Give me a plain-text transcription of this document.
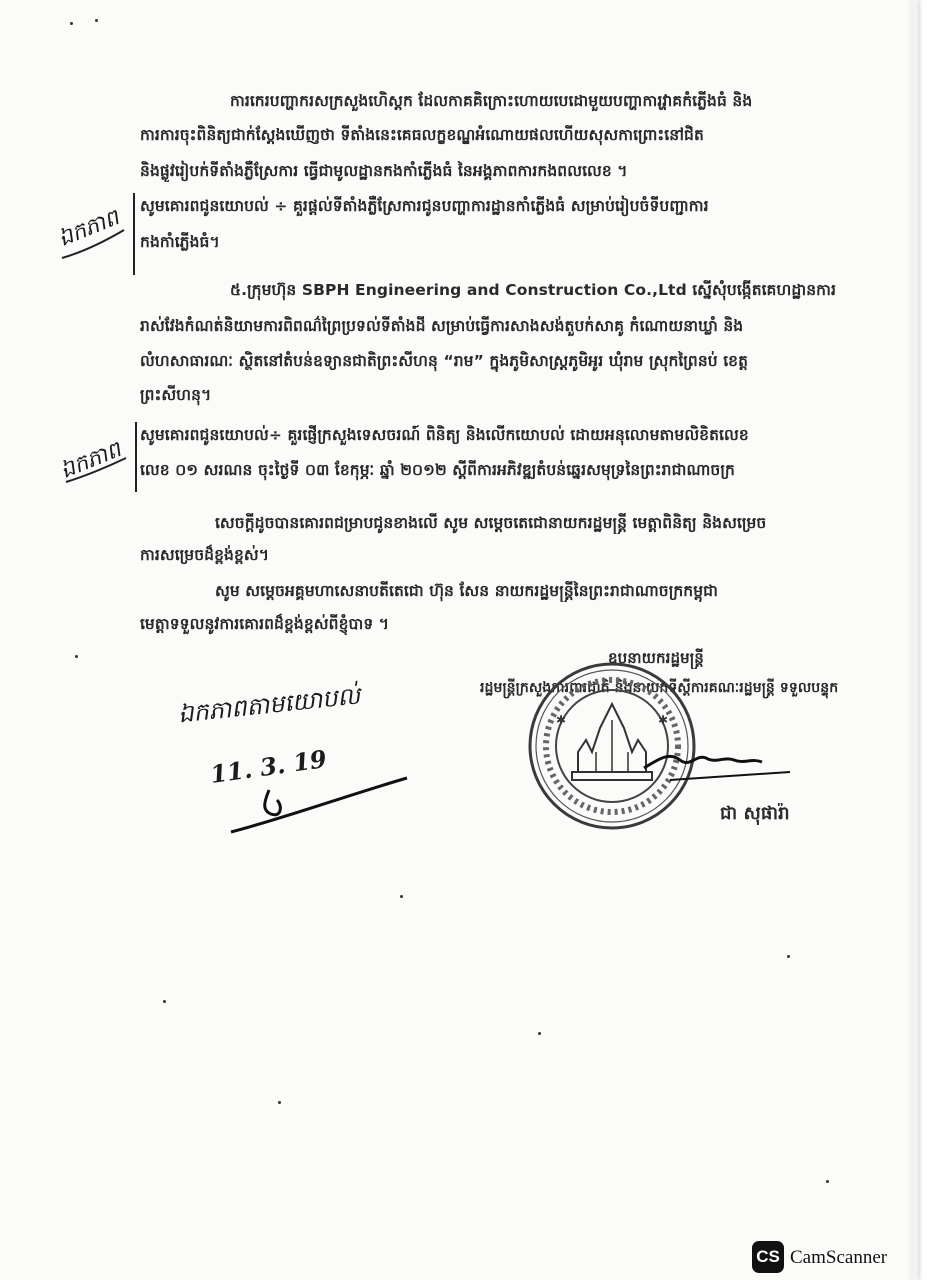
ការកេរបញ្ហាករសក្រសួងហេិស្តក ដែលកាគគិក្រោះហោយបេដោមួយបញ្ហាការវ្ហាគកំភ្លើងធំ និង
ការការចុះពិនិត្យជាក់ស្តែងឃើញថា ទីតាំងនេះគេធលក្ខខណ្ឌអំណោយផលហើយសុសកាព្រោះនៅជិត
និងផ្លូវរៀបក់ទីតាំងភ្លឺស្រែការ ធ្វើជាមូលដ្ឋានកងកាំភ្លើងធំ នៃអង្គភាពការកងពលលេខ ។
សូមគោរពជូនយោបល់ ÷ គួរផ្តល់ទីតាំងភ្លឺស្រែការជូនបញ្ហាការដ្ឋានកាំភ្លើងធំ សម្រាប់រៀបចំទីបញ្ជាការ
កងកាំភ្លើងធំ។
ឯកភាព
៥.ក្រុមហ៊ុន SBPH Engineering and Construction Co.,Ltd ស្នើសុំបង្កើតគេហដ្ឋានការ
រាស់វែងកំណត់និយាមការពិពណ៌ព្រៃប្រទល់ទីតាំងដី សម្រាប់ធ្វើការសាងសង់តួបក់សាគូ កំណោយនាឃ្លាំ និង
លំហសាធារណៈ ស្ថិតនៅតំបន់ឧទ្យានជាតិព្រះសីហនុ “រាម” ក្នុងភូមិសាស្ត្រភូមិអូរ ឃុំរាម ស្រុកព្រៃនប់ ខេត្ត
ព្រះសីហនុ។
សូមគោរពជូនយោបល់÷ គួរផ្ញើក្រសួងទេសចរណ៍ ពិនិត្យ និងលើកយោបល់ ដោយអនុលោមតាមលិខិតលេខ
លេខ ០១ សរណន ចុះថ្ងៃទី ០៣ ខែកុម្ភៈ ឆ្នាំ ២០១២ ស្តីពីការអភិវឌ្ឍតំបន់ឆ្នេរសមុទ្រនៃព្រះរាជាណាចក្រ
ឯកភាព
សេចក្តីដូចបានគោរពជម្រាបជូនខាងលើ សូម សម្តេចតេជោនាយករដ្ឋមន្ត្រី មេត្តាពិនិត្យ និងសម្រេច
ការសម្រេចដ៏ខ្ពង់ខ្ពស់។
សូម សម្តេចអគ្គមហាសេនាបតីតេជោ ហ៊ុន សែន នាយករដ្ឋមន្ត្រីនៃព្រះរាជាណាចក្រកម្ពុជា
មេត្តាទទួលនូវការគោរពដ៏ខ្ពង់ខ្ពស់ពីខ្ញុំបាទ ។
ឧបនាយករដ្ឋមន្ត្រី
រដ្ឋមន្ត្រីក្រសួងការពារជាតិ និងនាយកទីស្តីការគណៈរដ្ឋមន្ត្រី ទទួលបន្ទុក
ជា សុផារ៉ា
✱	✱
ឯកភាពតាមយោបល់
11. 3. 19
CS CamScanner
